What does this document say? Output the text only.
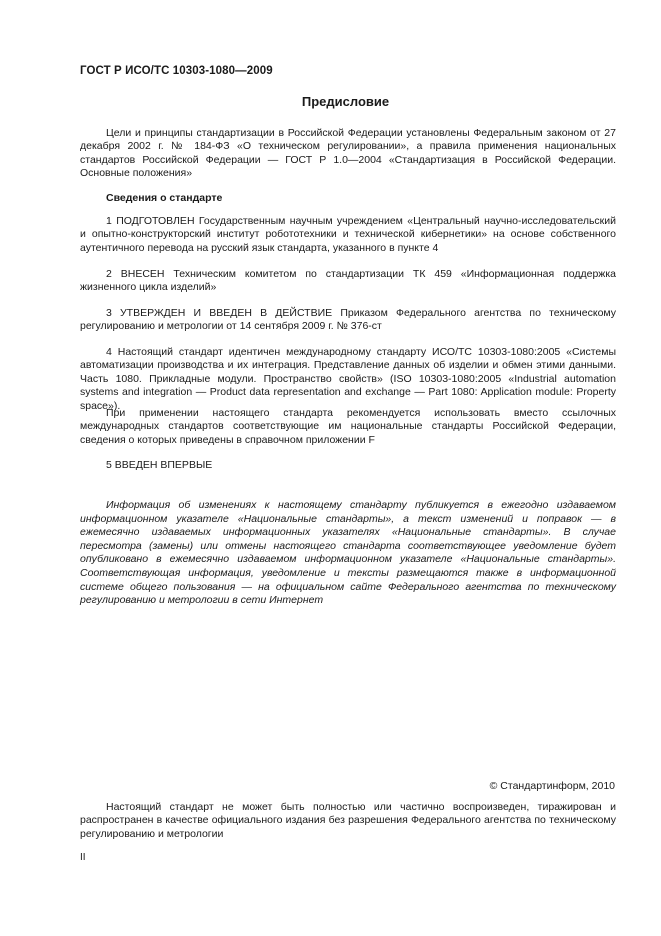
ГОСТ Р ИСО/ТС 10303-1080—2009
Предисловие

Цели и принципы стандартизации в Российской Федерации установлены Федеральным законом от 27 декабря 2002 г. № 184-ФЗ «О техническом регулировании», а правила применения национальных стандартов Российской Федерации — ГОСТ Р 1.0—2004 «Стандартизация в Российской Федерации. Основные положения»

Сведения о стандарте

1 ПОДГОТОВЛЕН Государственным научным учреждением «Центральный научно-исследовательский и опытно-конструкторский институт робототехники и технической кибернетики» на основе собственного аутентичного перевода на русский язык стандарта, указанного в пункте 4

2 ВНЕСЕН Техническим комитетом по стандартизации ТК 459 «Информационная поддержка жизненного цикла изделий»

3 УТВЕРЖДЕН И ВВЕДЕН В ДЕЙСТВИЕ Приказом Федерального агентства по техническому регулированию и метрологии от 14 сентября 2009 г. № 376-ст

4 Настоящий стандарт идентичен международному стандарту ИСО/ТС 10303-1080:2005 «Системы автоматизации производства и их интеграция. Представление данных об изделии и обмен этими данными. Часть 1080. Прикладные модули. Пространство свойств» (ISO 10303-1080:2005 «Industrial automation systems and integration — Product data representation and exchange — Part 1080: Application module: Property space»).

При применении настоящего стандарта рекомендуется использовать вместо ссылочных международных стандартов соответствующие им национальные стандарты Российской Федерации, сведения о которых приведены в справочном приложении F

5 ВВЕДЕН ВПЕРВЫЕ

Информация об изменениях к настоящему стандарту публикуется в ежегодно издаваемом информационном указателе «Национальные стандарты», а текст изменений и поправок — в ежемесячно издаваемых информационных указателях «Национальные стандарты». В случае пересмотра (замены) или отмены настоящего стандарта соответствующее уведомление будет опубликовано в ежемесячно издаваемом информационном указателе «Национальные стандарты». Соответствующая информация, уведомление и тексты размещаются также в информационной системе общего пользования — на официальном сайте Федерального агентства по техническому регулированию и метрологии в сети Интернет

© Стандартинформ, 2010

Настоящий стандарт не может быть полностью или частично воспроизведен, тиражирован и распространен в качестве официального издания без разрешения Федерального агентства по техническому регулированию и метрологии

II
